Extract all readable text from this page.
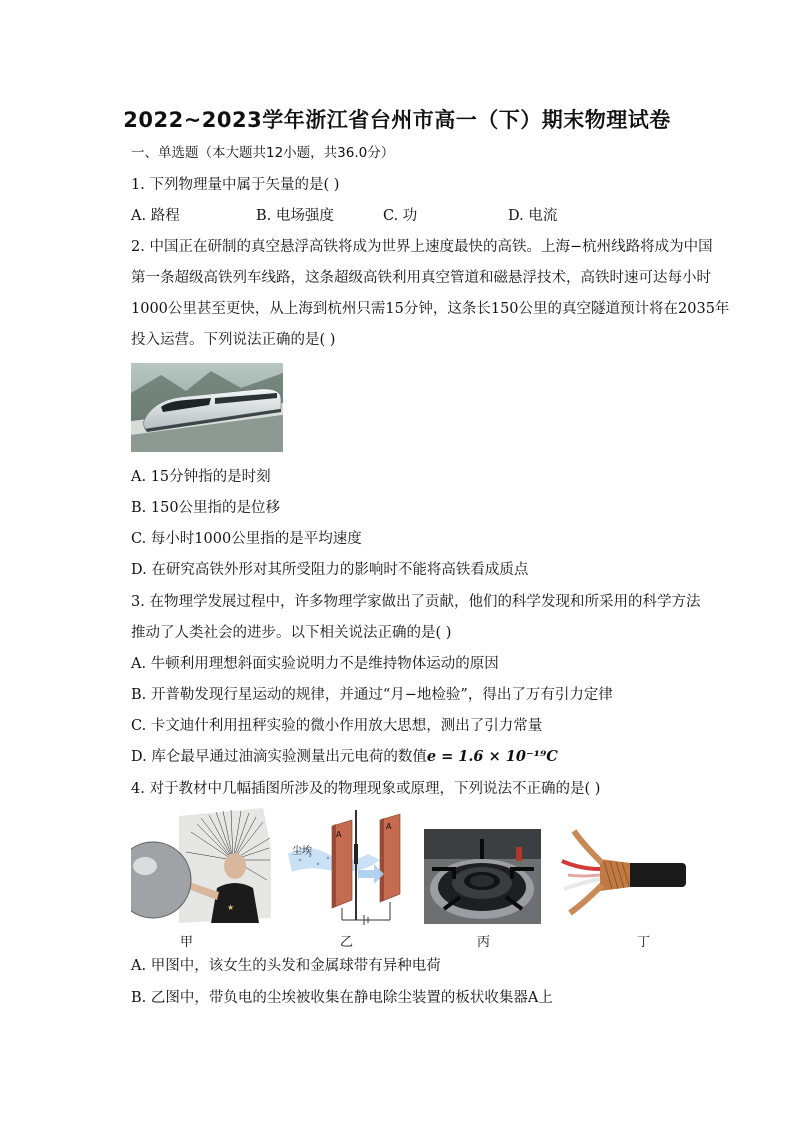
2022~2023学年浙江省台州市高一（下）期末物理试卷
一、单选题（本大题共12小题，共36.0分）
1. 下列物理量中属于矢量的是( )
A. 路程	B. 电场强度	C. 功	D. 电流
2. 中国正在研制的真空悬浮高铁将成为世界上速度最快的高铁。上海−杭州线路将成为中国
第一条超级高铁列车线路，这条超级高铁利用真空管道和磁悬浮技术，高铁时速可达每小时
1000公里甚至更快，从上海到杭州只需15分钟，这条长150公里的真空隧道预计将在2035年
投入运营。下列说法正确的是( )
A. 15分钟指的是时刻
B. 150公里指的是位移
C. 每小时1000公里指的是平均速度
D. 在研究高铁外形对其所受阻力的影响时不能将高铁看成质点
3. 在物理学发展过程中，许多物理学家做出了贡献，他们的科学发现和所采用的科学方法
推动了人类社会的进步。以下相关说法正确的是( )
A. 牛顿利用理想斜面实验说明力不是维持物体运动的原因
B. 开普勒发现行星运动的规律，并通过“月−地检验”，得出了万有引力定律
C. 卡文迪什利用扭秤实验的微小作用放大思想，测出了引力常量
D. 库仑最早通过油滴实验测量出元电荷的数值e = 1.6 × 10⁻¹⁹C
4. 对于教材中几幅插图所涉及的物理现象或原理，下列说法不正确的是( )
★
尘埃
A
A
甲	乙	丙	丁
A. 甲图中，该女生的头发和金属球带有异种电荷
B. 乙图中，带负电的尘埃被收集在静电除尘装置的板状收集器A上
